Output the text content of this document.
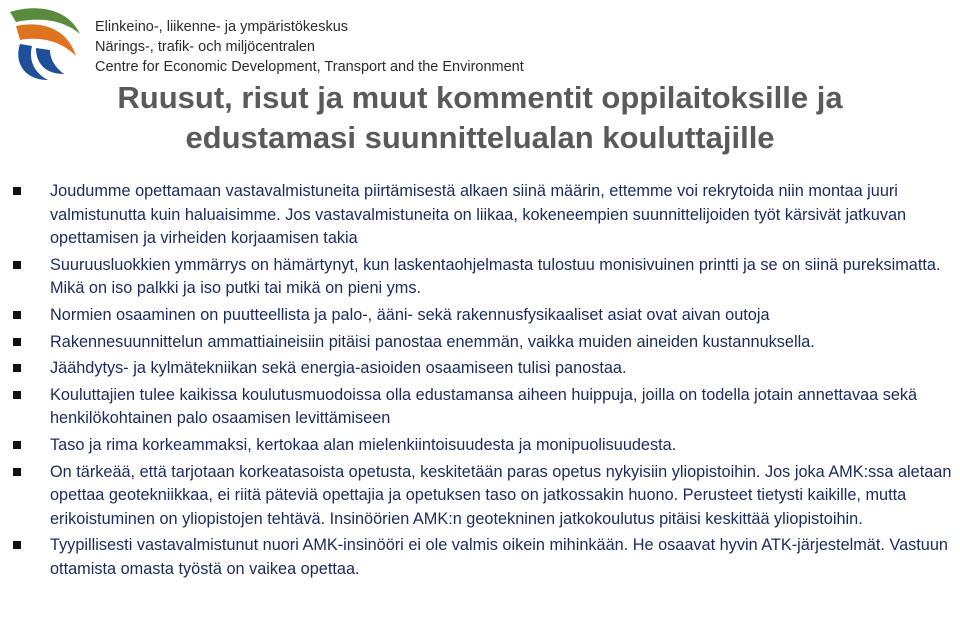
Elinkeino-, liikenne- ja ympäristökeskus
Närings-, trafik- och miljöcentralen
Centre for Economic Development, Transport and the Environment
Ruusut, risut ja muut kommentit oppilaitoksille ja
edustamasi suunnittelualan kouluttajille
Joudumme opettamaan vastavalmistuneita piirtämisestä alkaen siinä määrin, ettemme voi rekrytoida niin montaa juuri valmistunutta kuin haluaisimme. Jos vastavalmistuneita on liikaa, kokeneempien suunnittelijoiden työt kärsivät jatkuvan opettamisen ja virheiden korjaamisen takia
Suuruusluokkien ymmärrys on hämärtynyt, kun laskentaohjelmasta tulostuu monisivuinen printti ja se on siinä pureksimatta. Mikä on iso palkki ja iso putki tai mikä on pieni yms.
Normien osaaminen on puutteellista ja palo-, ääni- sekä rakennusfysikaaliset asiat ovat aivan outoja
Rakennesuunnittelun ammattiaineisiin pitäisi panostaa enemmän, vaikka muiden aineiden kustannuksella.
Jäähdytys- ja kylmätekniikan sekä energia-asioiden osaamiseen tulisi panostaa.
Kouluttajien tulee kaikissa koulutusmuodoissa olla edustamansa aiheen huippuja, joilla on todella jotain annettavaa sekä henkilökohtainen palo osaamisen levittämiseen
Taso ja rima korkeammaksi, kertokaa alan mielenkiintoisuudesta ja monipuolisuudesta.
On tärkeää, että tarjotaan korkeatasoista opetusta, keskitetään paras opetus nykyisiin yliopistoihin. Jos joka AMK:ssa aletaan opettaa geotekniikkaa, ei riitä päteviä opettajia ja opetuksen taso on jatkossakin huono. Perusteet tietysti kaikille, mutta erikoistuminen on yliopistojen tehtävä. Insinöörien AMK:n geotekninen jatkokoulutus pitäisi keskittää yliopistoihin.
Tyypillisesti vastavalmistunut nuori AMK-insinööri ei ole valmis oikein mihinkään. He osaavat hyvin ATK-järjestelmät. Vastuun ottamista omasta työstä on vaikea opettaa.
